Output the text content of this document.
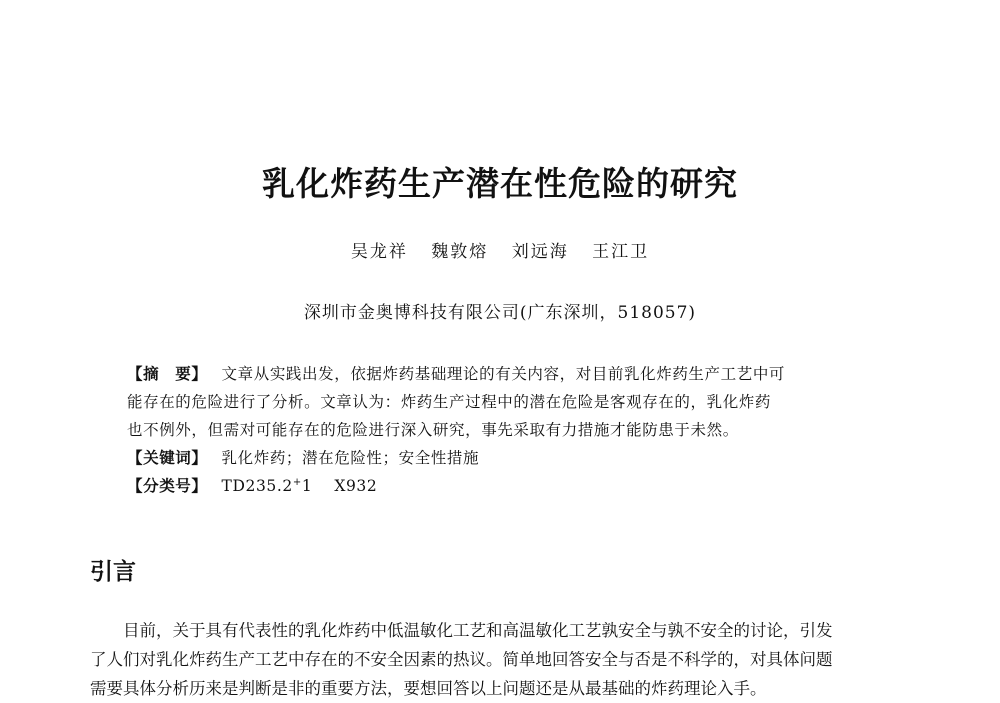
乳化炸药生产潜在性危险的研究
吴龙祥 魏敦熔 刘远海 王江卫
深圳市金奥博科技有限公司(广东深圳，518057)
【摘　要】 文章从实践出发，依据炸药基础理论的有关内容，对目前乳化炸药生产工艺中可
能存在的危险进行了分析。文章认为：炸药生产过程中的潜在危险是客观存在的，乳化炸药
也不例外，但需对可能存在的危险进行深入研究，事先采取有力措施才能防患于未然。
【关键词】 乳化炸药；潜在危险性；安全性措施
【分类号】 TD235.2+1 X932
引言
目前，关于具有代表性的乳化炸药中低温敏化工艺和高温敏化工艺孰安全与孰不安全的讨论，引发
了人们对乳化炸药生产工艺中存在的不安全因素的热议。简单地回答安全与否是不科学的，对具体问题
需要具体分析历来是判断是非的重要方法，要想回答以上问题还是从最基础的炸药理论入手。
